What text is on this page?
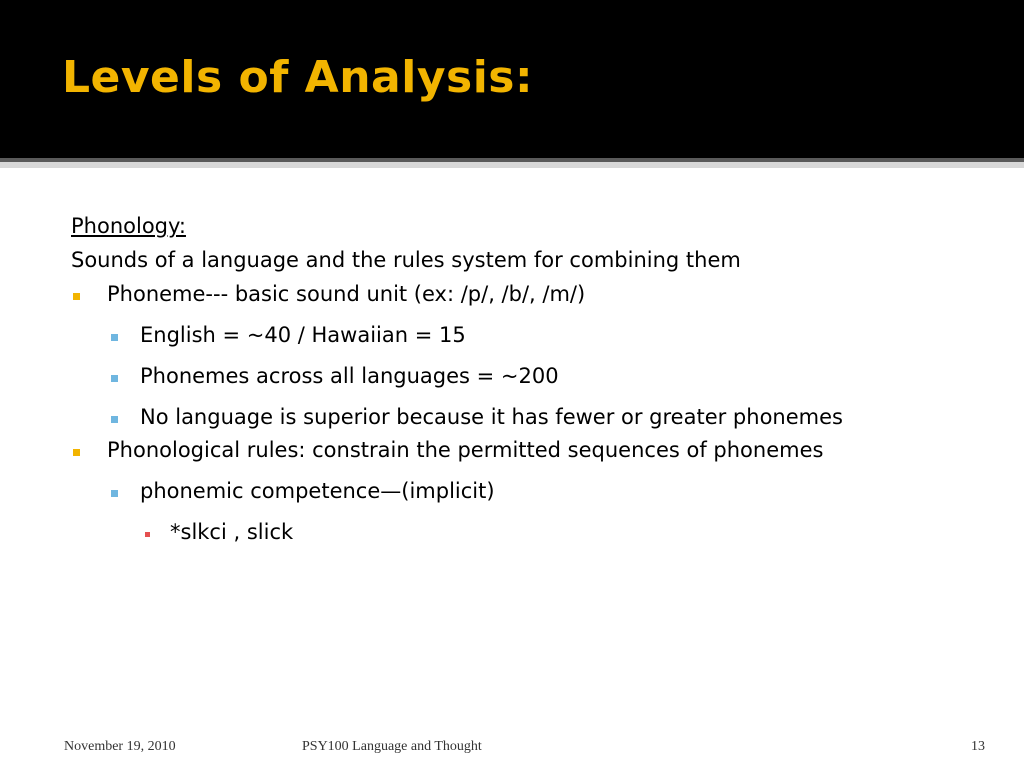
Levels of Analysis:
Phonology:
Sounds of a language and the rules system for combining them
Phoneme--- basic sound unit (ex: /p/, /b/, /m/)
English = ~40 / Hawaiian = 15
Phonemes across all languages = ~200
No language is superior because it has fewer or greater phonemes
Phonological rules: constrain the permitted sequences of phonemes
phonemic competence—(implicit)
*slkci , slick
November 19, 2010	PSY100 Language and Thought	13
